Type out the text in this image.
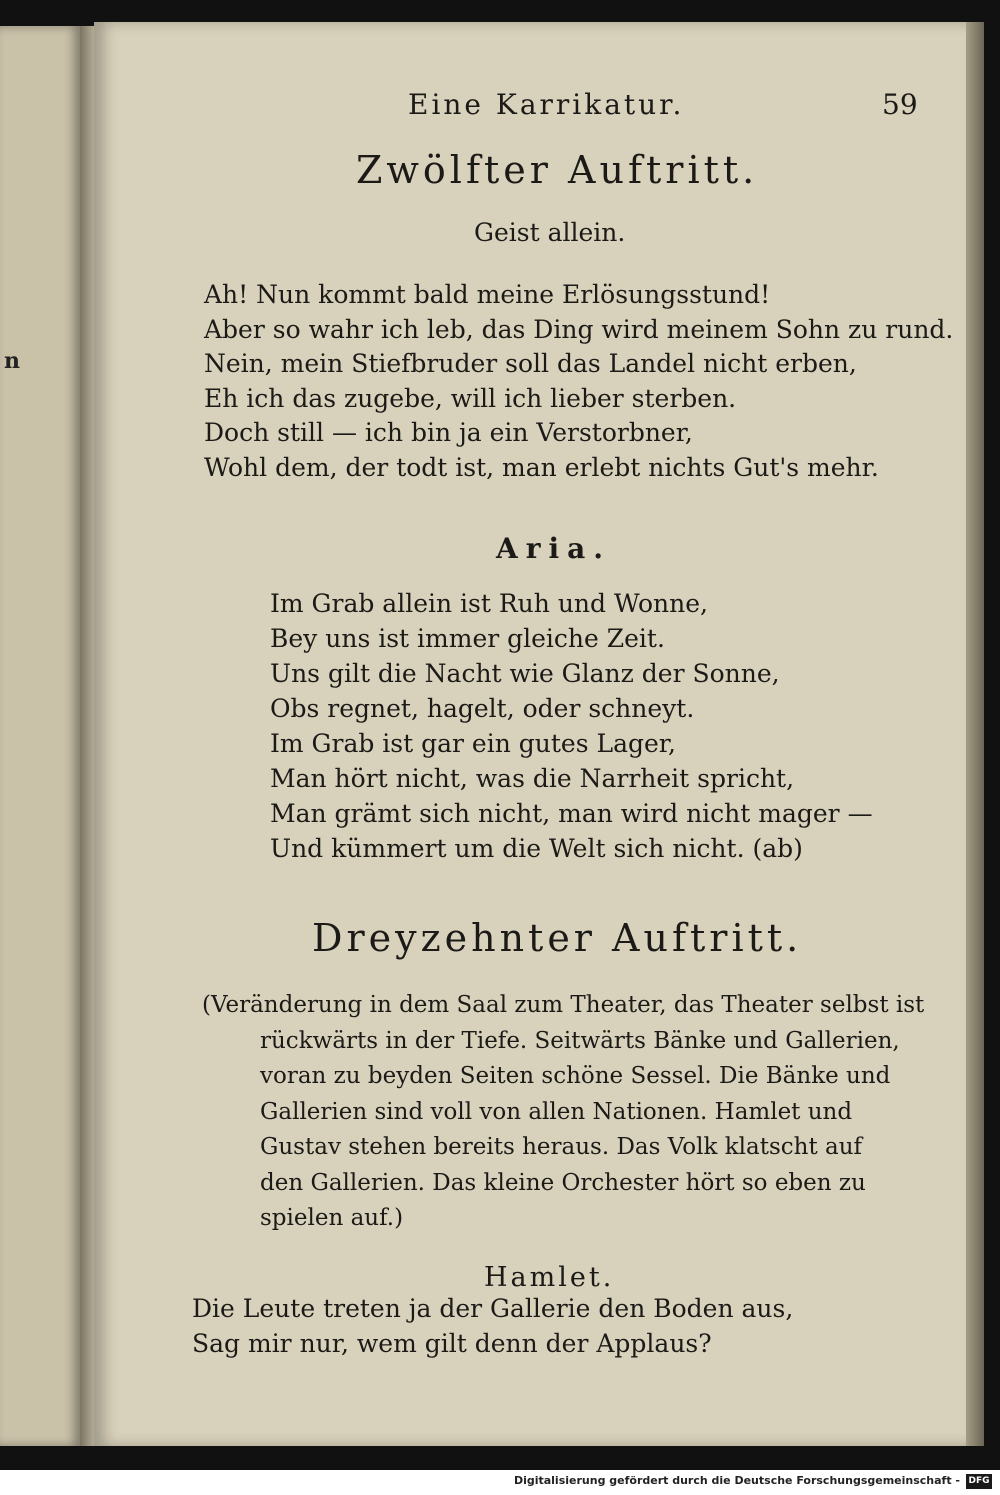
n
Eine Karrikatur.	59
Zwölfter Auftritt.
Geist allein.
Ah! Nun kommt bald meine Erlösungsstund!
Aber so wahr ich leb, das Ding wird meinem Sohn zu rund.
Nein, mein Stiefbruder soll das Landel nicht erben,
Eh ich das zugebe, will ich lieber sterben.
Doch still — ich bin ja ein Verstorbner,
Wohl dem, der todt ist, man erlebt nichts Gut's mehr.
Aria.
Im Grab allein ist Ruh und Wonne,
Bey uns ist immer gleiche Zeit.
Uns gilt die Nacht wie Glanz der Sonne,
Obs regnet, hagelt, oder schneyt.
Im Grab ist gar ein gutes Lager,
Man hört nicht, was die Narrheit spricht,
Man grämt sich nicht, man wird nicht mager —
Und kümmert um die Welt sich nicht. (ab)
Dreyzehnter Auftritt.
(Veränderung in dem Saal zum Theater, das Theater selbst ist
rückwärts in der Tiefe. Seitwärts Bänke und Gallerien,
voran zu beyden Seiten schöne Sessel. Die Bänke und
Gallerien sind voll von allen Nationen. Hamlet und
Gustav stehen bereits heraus. Das Volk klatscht auf
den Gallerien. Das kleine Orchester hört so eben zu
spielen auf.)
Hamlet.
Die Leute treten ja der Gallerie den Boden aus,
Sag mir nur, wem gilt denn der Applaus?
Digitalisierung gefördert durch die Deutsche Forschungsgemeinschaft - DFG
